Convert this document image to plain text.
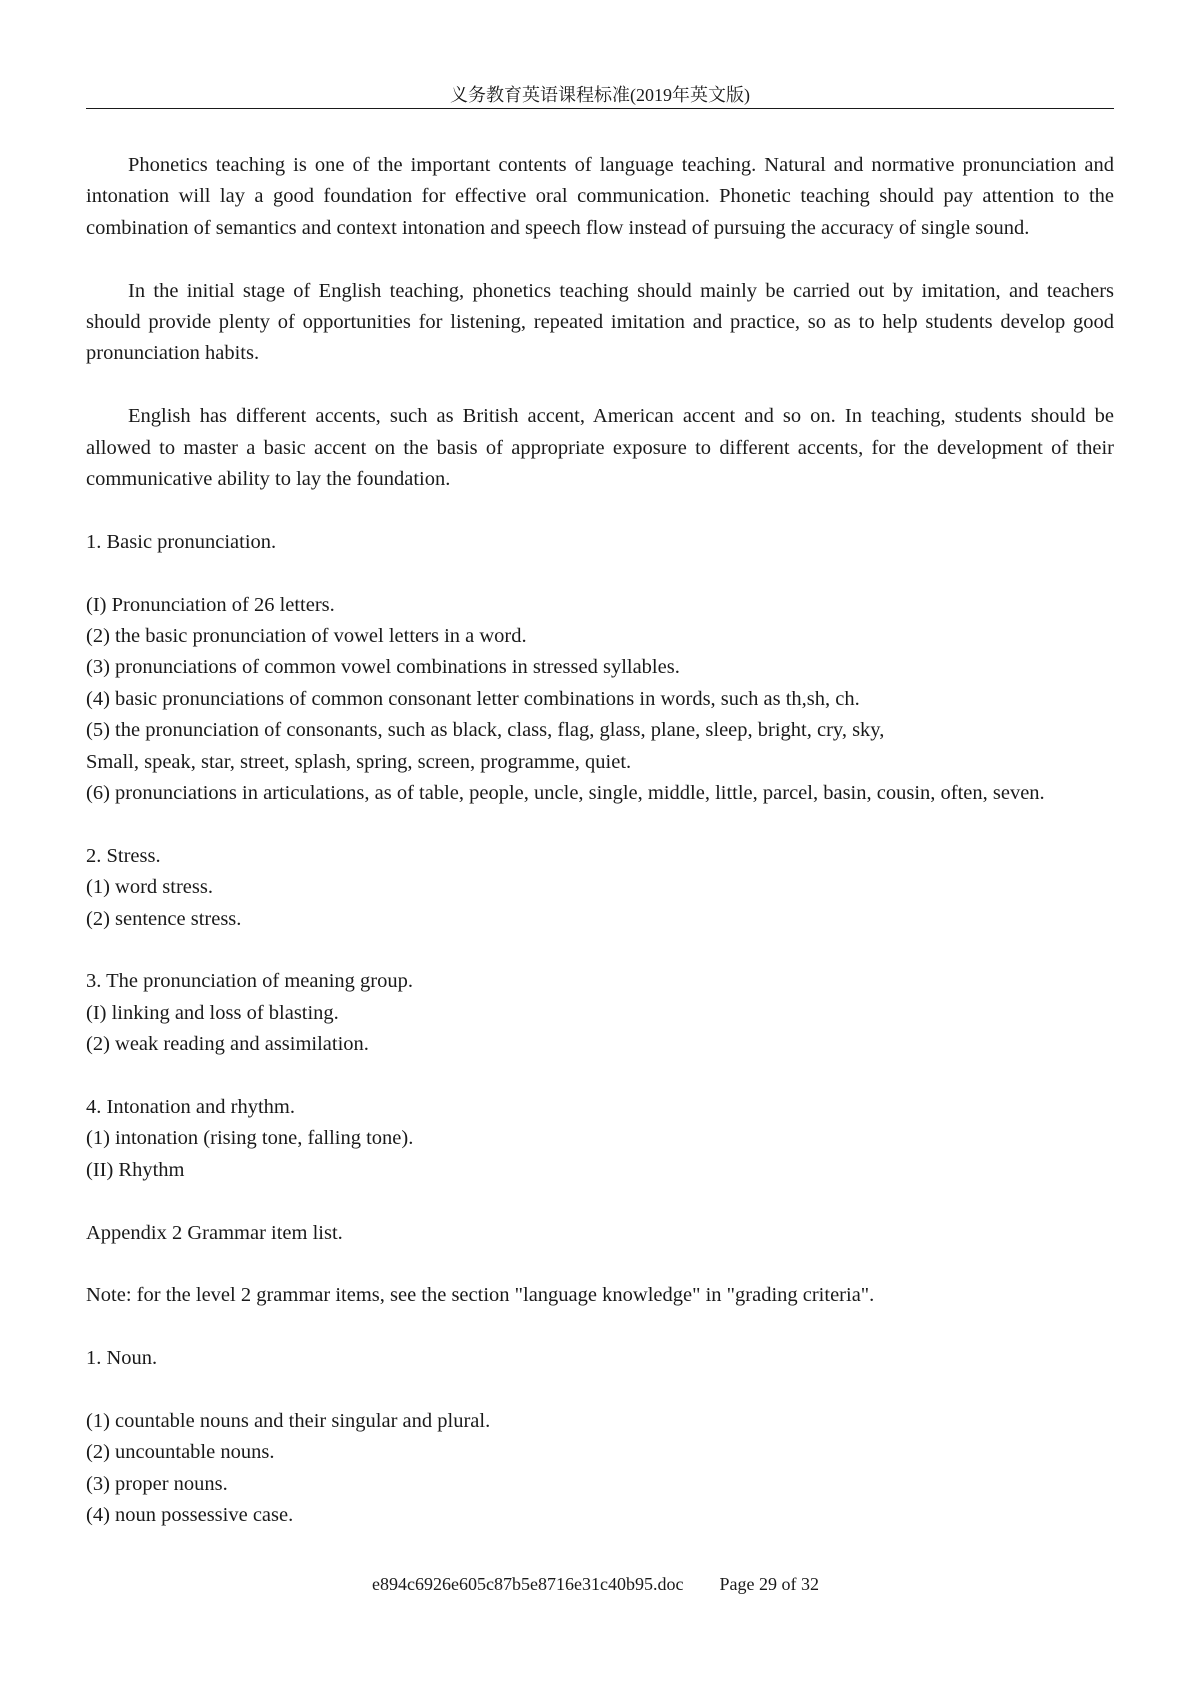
义务教育英语课程标准(2019年英文版)

Phonetics teaching is one of the important contents of language teaching. Natural and normative pronunciation and intonation will lay a good foundation for effective oral communication. Phonetic teaching should pay attention to the combination of semantics and context intonation and speech flow instead of pursuing the accuracy of single sound.

In the initial stage of English teaching, phonetics teaching should mainly be carried out by imitation, and teachers should provide plenty of opportunities for listening, repeated imitation and practice, so as to help students develop good pronunciation habits.

English has different accents, such as British accent, American accent and so on. In teaching, students should be allowed to master a basic accent on the basis of appropriate exposure to different accents, for the development of their communicative ability to lay the foundation.

1. Basic pronunciation.

(I) Pronunciation of 26 letters.

(2) the basic pronunciation of vowel letters in a word.

(3) pronunciations of common vowel combinations in stressed syllables.

(4) basic pronunciations of common consonant letter combinations in words, such as th,sh, ch.

(5) the pronunciation of consonants, such as black, class, flag, glass, plane, sleep, bright, cry, sky,

Small, speak, star, street, splash, spring, screen, programme, quiet.

(6) pronunciations in articulations, as of table, people, uncle, single, middle, little, parcel, basin, cousin, often, seven.

2. Stress.

(1) word stress.

(2) sentence stress.

3. The pronunciation of meaning group.

(I) linking and loss of blasting.

(2) weak reading and assimilation.

4. Intonation and rhythm.

(1) intonation (rising tone, falling tone).

(II) Rhythm

Appendix 2 Grammar item list.

Note: for the level 2 grammar items, see the section "language knowledge" in "grading criteria".

1. Noun.

(1) countable nouns and their singular and plural.

(2) uncountable nouns.

(3) proper nouns.

(4) noun possessive case.

e894c6926e605c87b5e8716e31c40b95.doc Page 29 of 32
